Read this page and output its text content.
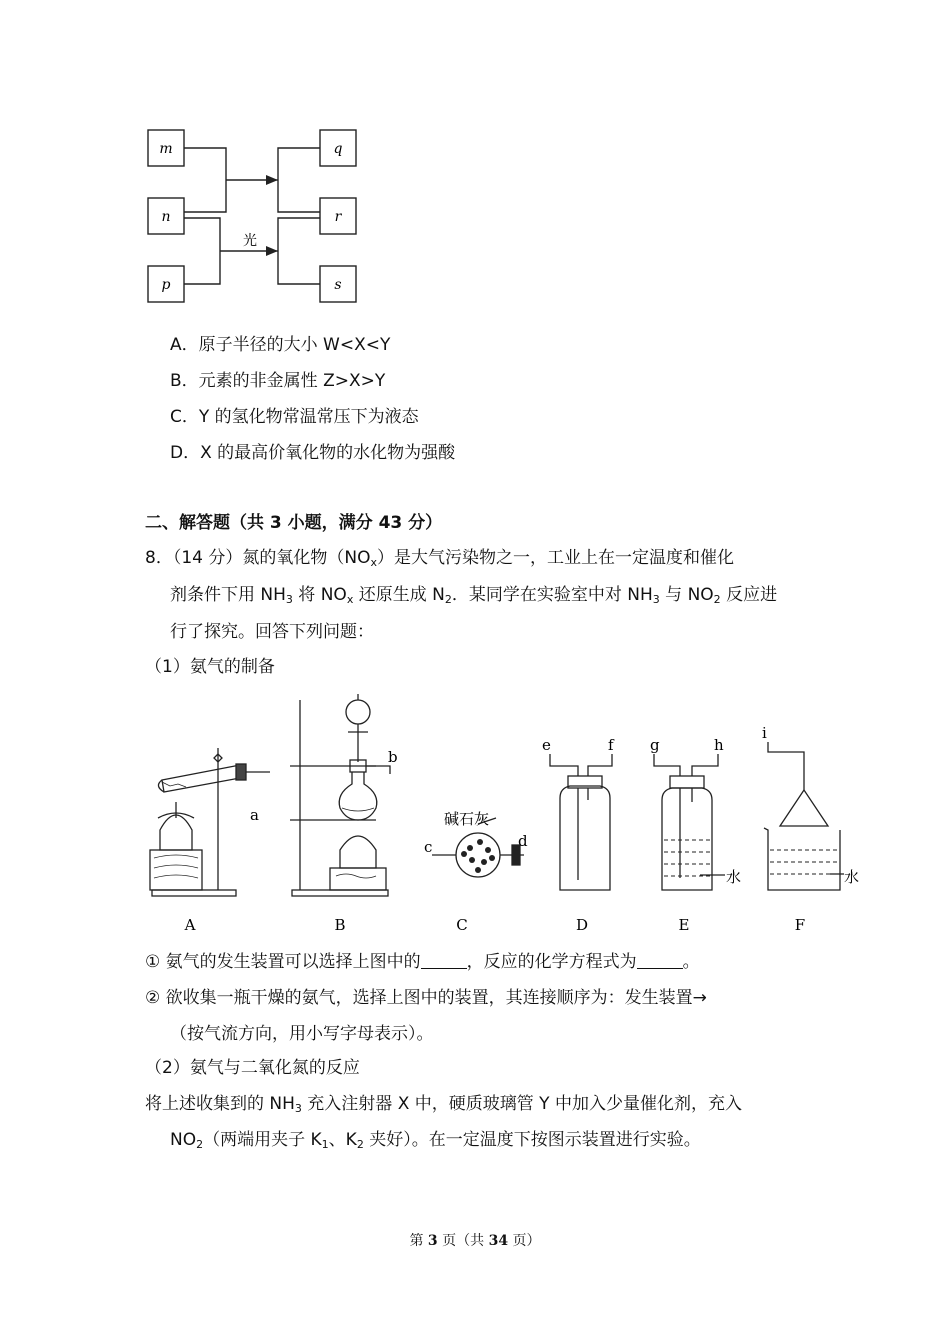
m
n
p
q
r
s
光
A．原子半径的大小 W<X<Y
B．元素的非金属性 Z>X>Y
C．Y 的氢化物常温常压下为液态
D．X 的最高价氧化物的水化物为强酸
二、解答题（共 3 小题，满分 43 分）
8．（14 分）氮的氧化物$(NO_x)$是大气污染物之一，工业上在一定温度和催化
剂条件下用 $NH_3$ 将 $NO_x$ 还原生成 $N_2$．某同学在实验室中对 $NH_3$ 与 $NO_2$ 反应进
行了探究。回答下列问题：
（1）氨气的制备
a
b
c	d
e	f g	h
i
碱石灰
水	水
A	B	C	D	E	F
① 氨气的发生装置可以选择上图中的	，反应的化学方程式为	。
② 欲收集一瓶干燥的氨气，选择上图中的装置，其连接顺序为：发生装置→
（按气流方向，用小写字母表示）。
（2）氨气与二氧化氮的反应
将上述收集到的 $NH_3$ 充入注射器 X 中，硬质玻璃管 Y 中加入少量催化剂，充入
$NO_2$（两端用夹子 $K_1$、$K_2$ 夹好）。在一定温度下按图示装置进行实验。
第 3 页（共 34 页）
